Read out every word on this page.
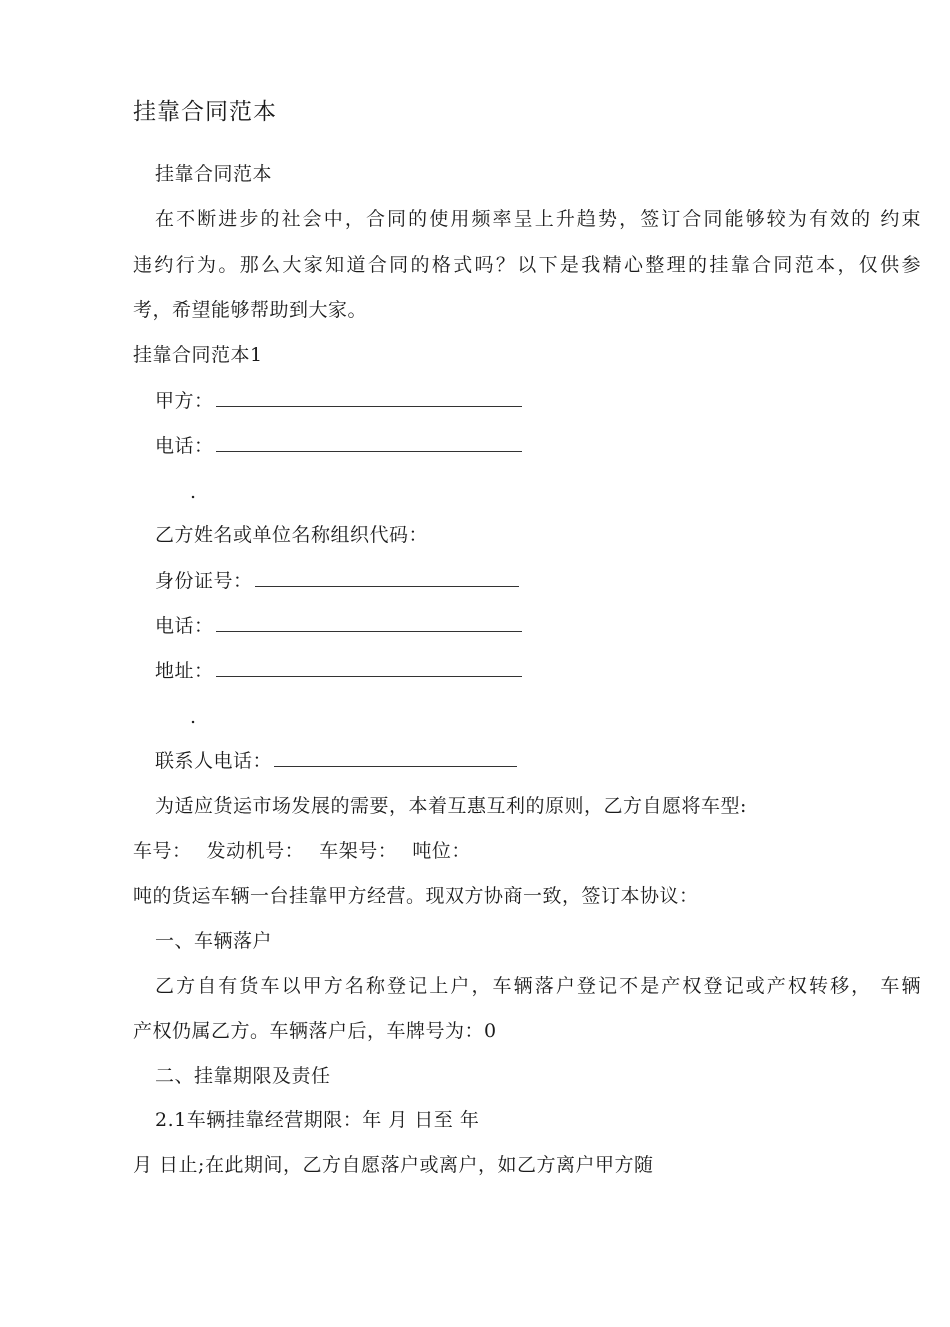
挂靠合同范本
挂靠合同范本
在不断进步的社会中，合同的使用频率呈上升趋势，签订合同能够较为有效的 约束
违约行为。那么大家知道合同的格式吗？以下是我精心整理的挂靠合同范本，仅供参
考，希望能够帮助到大家。
挂靠合同范本1
甲方：
电话：
.
乙方姓名或单位名称组织代码：
身份证号：
电话：
地址：
.
联系人电话：
为适应货运市场发展的需要，本着互惠互利的原则，乙方自愿将车型:
车号： 发动机号： 车架号： 吨位：
吨的货运车辆一台挂靠甲方经营。现双方协商一致，签订本协议：
一、车辆落户
乙方自有货车以甲方名称登记上户，车辆落户登记不是产权登记或产权转移， 车辆
产权仍属乙方。车辆落户后，车牌号为：0
二、挂靠期限及责任
2.1车辆挂靠经营期限：年 月 日至 年
月 日止;在此期间，乙方自愿落户或离户，如乙方离户甲方随
